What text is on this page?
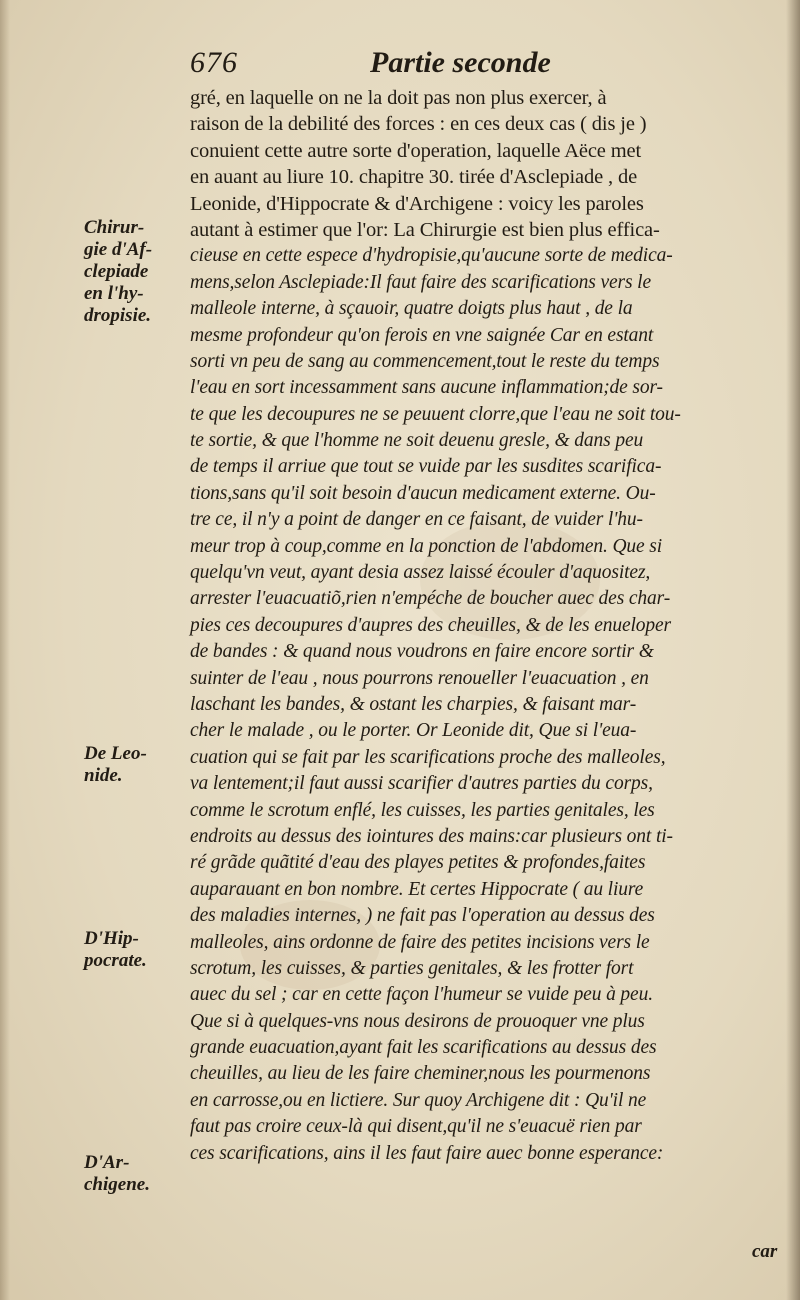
676	Partie seconde
Chirur-
gie d'Af-
clepiade
en l'hy-
dropisie.
De Leo-
nide.
D'Hip-
pocrate.
D'Ar-
chigene.
gré, en laquelle on ne la doit pas non plus exercer, à
raison de la debilité des forces : en ces deux cas ( dis je )
conuient cette autre sorte d'operation, laquelle Aëce met
en auant au liure 10. chapitre 30. tirée d'Asclepiade , de
Leonide, d'Hippocrate & d'Archigene : voicy les paroles
autant à estimer que l'or: La Chirurgie est bien plus effica-
cieuse en cette espece d'hydropisie,qu'aucune sorte de medica-
mens,selon Asclepiade:Il faut faire des scarifications vers le
malleole interne, à sçauoir, quatre doigts plus haut , de la
mesme profondeur qu'on ferois en vne saignée Car en estant
sorti vn peu de sang au commencement,tout le reste du temps
l'eau en sort incessamment sans aucune inflammation;de sor-
te que les decoupures ne se peuuent clorre,que l'eau ne soit tou-
te sortie, & que l'homme ne soit deuenu gresle, & dans peu
de temps il arriue que tout se vuide par les susdites scarifica-
tions,sans qu'il soit besoin d'aucun medicament externe. Ou-
tre ce, il n'y a point de danger en ce faisant, de vuider l'hu-
meur trop à coup,comme en la ponction de l'abdomen. Que si
quelqu'vn veut, ayant desia assez laissé écouler d'aquositez,
arrester l'euacuatiõ,rien n'empéche de boucher auec des char-
pies ces decoupures d'aupres des cheuilles, & de les enueloper
de bandes : & quand nous voudrons en faire encore sortir &
suinter de l'eau , nous pourrons renoueller l'euacuation , en
laschant les bandes, & ostant les charpies, & faisant mar-
cher le malade , ou le porter. Or Leonide dit, Que si l'eua-
cuation qui se fait par les scarifications proche des malleoles,
va lentement;il faut aussi scarifier d'autres parties du corps,
comme le scrotum enflé, les cuisses, les parties genitales, les
endroits au dessus des iointures des mains:car plusieurs ont ti-
ré grãde quãtité d'eau des playes petites & profondes,faites
auparauant en bon nombre. Et certes Hippocrate ( au liure
des maladies internes, ) ne fait pas l'operation au dessus des
malleoles, ains ordonne de faire des petites incisions vers le
scrotum, les cuisses, & parties genitales, & les frotter fort
auec du sel ; car en cette façon l'humeur se vuide peu à peu.
Que si à quelques-vns nous desirons de prouoquer vne plus
grande euacuation,ayant fait les scarifications au dessus des
cheuilles, au lieu de les faire cheminer,nous les pourmenons
en carrosse,ou en lictiere. Sur quoy Archigene dit : Qu'il ne
faut pas croire ceux-là qui disent,qu'il ne s'euacuë rien par
ces scarifications, ains il les faut faire auec bonne esperance:
car
